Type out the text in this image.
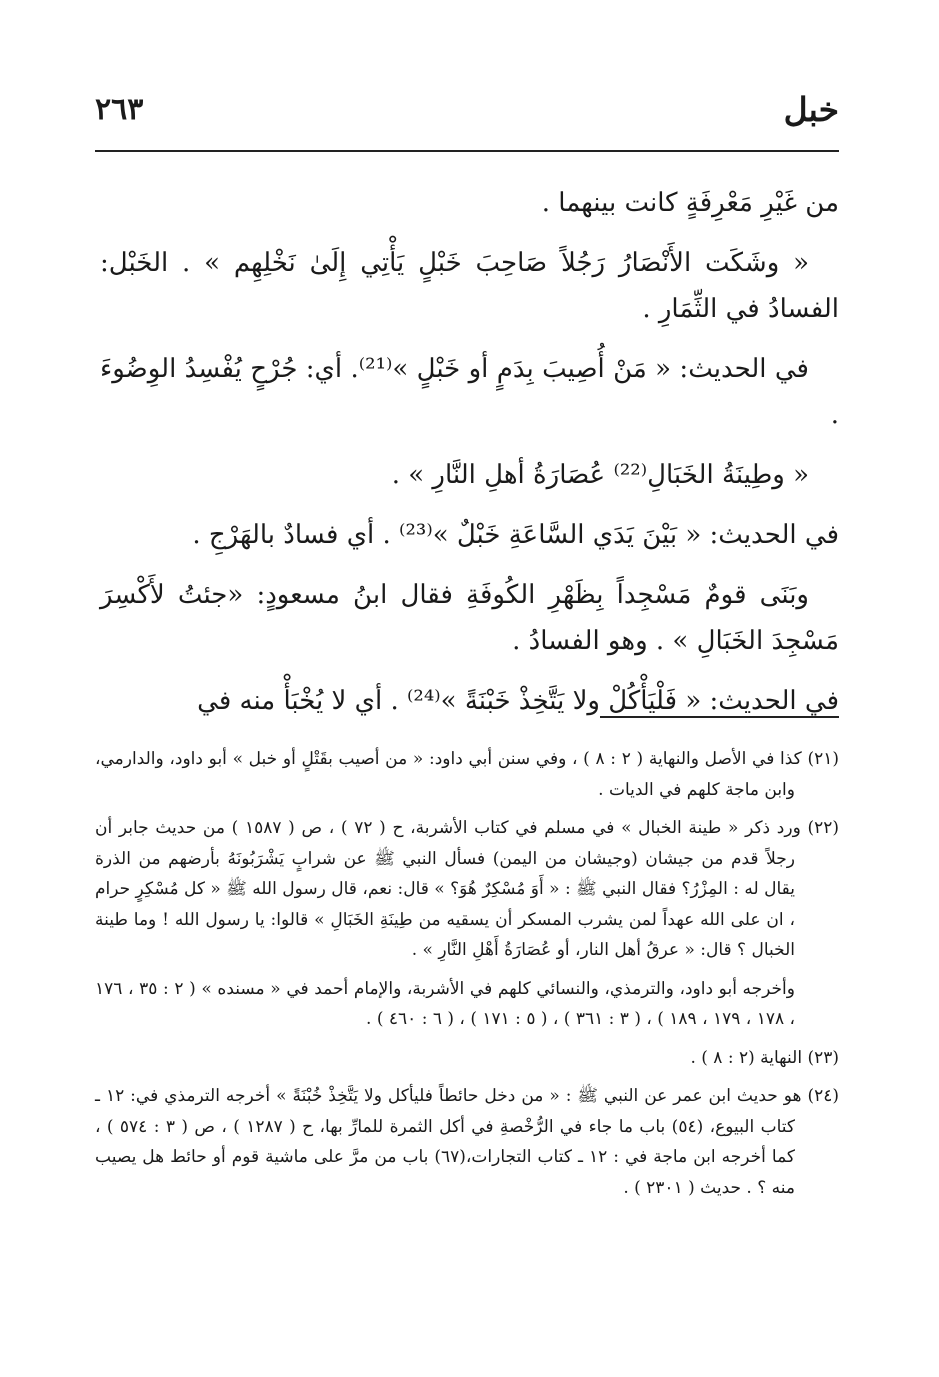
خبل
٢٦٣

من غَيْرِ مَعْرِفَةٍ كانت بينهما .

« وشَكَت الأَنْصَارُ رَجُلاً صَاحِبَ خَبْلٍ يَأْتِي إِلَىٰ نَخْلِهِم » . الخَبْل: الفسادُ في الثِّمَارِ .

في الحديث: « مَنْ أُصِيبَ بِدَمٍ أو خَبْلٍ »⁽²¹⁾. أي: جُرْحٍ يُفْسِدُ الوِضُوءَ .

« وطِينَةُ الخَبَالِ⁽²²⁾ عُصَارَةُ أهلِ النَّارِ » .

في الحديث: « بَيْنَ يَدَي السَّاعَةِ خَبْلٌ »⁽²³⁾ . أي فسادٌ بالهَرْجِ .

وبَنَى قومٌ مَسْجِداً بِظَهْرِ الكُوفَةِ فقال ابنُ مسعودٍ: «جئتُ لأَكْسِرَ مَسْجِدَ الخَبَالِ » . وهو الفسادُ .

في الحديث: « فَلْيَأْكُلْ ولا يَتَّخِذْ خَبْنَةً »⁽²⁴⁾ . أي لا يُخْبَأْ منه في

(٢١) كذا في الأصل والنهاية ( ٢ : ٨ ) ، وفي سنن أبي داود: « من أصيب بقَتْلٍ أو خبل » أبو داود، والدارمي، وابن ماجة كلهم في الديات .

(٢٢) ورد ذكر « طينة الخبال » في مسلم في كتاب الأشربة، ح ( ٧٢ ) ، ص ( ١٥٨٧ ) من حديث جابر أن رجلاً قدم من جيشان (وجيشان من اليمن) فسأل النبي ﷺ عن شرابٍ يَشْرَبُونَهُ بأرضهم من الذرة يقال له : المِزْرُ؟ فقال النبي ﷺ : « أَوَ مُسْكِرٌ هُوَ؟ » قال: نعم، قال رسول الله ﷺ « كل مُسْكِرٍ حرام ، ان على الله عهداً لمن يشرب المسكر أن يسقيه من طِينَةِ الخَبَالِ » قالوا: يا رسول الله ! وما طينة الخبال ؟ قال: « عرقُ أهل النار، أو عُصَارَةُ أَهْلِ النَّارِ » .

وأخرجه أبو داود، والترمذي، والنسائي كلهم في الأشربة، والإمام أحمد في « مسنده » ( ٢ : ٣٥ ، ١٧٦ ، ١٧٨ ، ١٧٩ ، ١٨٩ ) ، ( ٣ : ٣٦١ ) ، ( ٥ : ١٧١ ) ، ( ٦ : ٤٦٠ ) .

(٢٣) النهاية (٢ : ٨ ) .

(٢٤) هو حديث ابن عمر عن النبي ﷺ : « من دخل حائطاً فليأكل ولا يَتَّخِذْ خُبْنَةً » أخرجه الترمذي في: ١٢ ـ كتاب البيوع، (٥٤) باب ما جاء في الرُّخْصةِ في أكل الثمرة للمارِّ بها، ح ( ١٢٨٧ ) ، ص ( ٣ : ٥٧٤ ) ، كما أخرجه ابن ماجة في : ١٢ ـ كتاب التجارات،(٦٧) باب من مرَّ على ماشية قوم أو حائط هل يصيب منه ؟ . حديث ( ٢٣٠١ ) .
